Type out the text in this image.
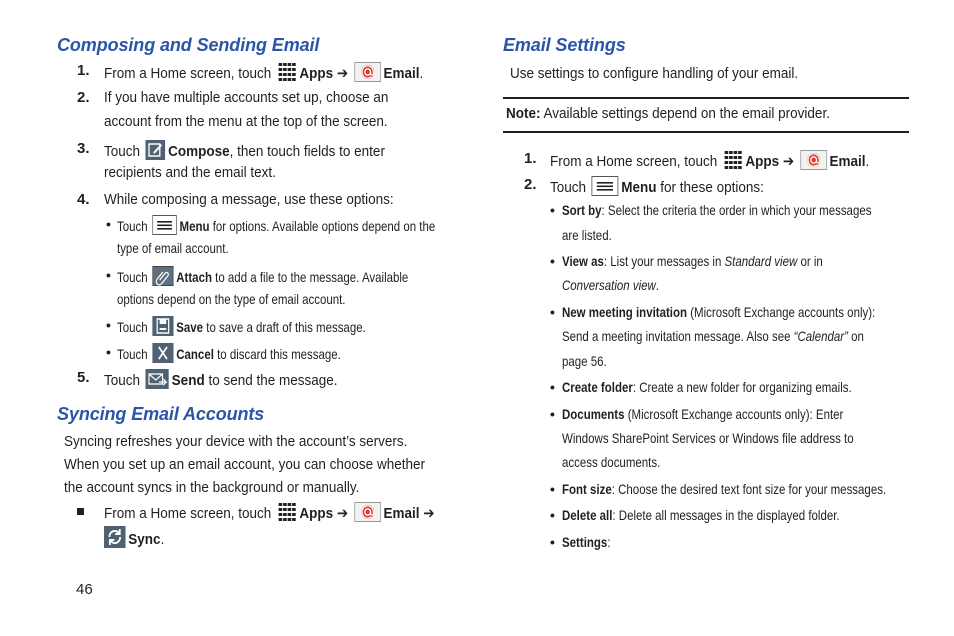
Composing and Sending Email
1. From a Home screen, touch Apps ➔ Email.
2. If you have multiple accounts set up, choose an
account from the menu at the top of the screen.
3. Touch Compose, then touch fields to enter
recipients and the email text.
4. While composing a message, use these options:
• Touch Menu for options. Available options depend on the
type of email account.
• Touch Attach to add a file to the message. Available
options depend on the type of email account.
• Touch Save to save a draft of this message.
• Touch Cancel to discard this message.
5. Touch Send to send the message.
Syncing Email Accounts
Syncing refreshes your device with the account’s servers.
When you set up an email account, you can choose whether
the account syncs in the background or manually.
From a Home screen, touch Apps ➔ Email ➔
Sync.
46
Email Settings
Use settings to configure handling of your email.
Note: Available settings depend on the email provider.
1. From a Home screen, touch Apps ➔ Email.
2. Touch Menu for these options:
• Sort by: Select the criteria the order in which your messages
are listed.
• View as: List your messages in Standard view or in
Conversation view.
• New meeting invitation (Microsoft Exchange accounts only):
Send a meeting invitation message. Also see “Calendar” on
page 56.
• Create folder: Create a new folder for organizing emails.
• Documents (Microsoft Exchange accounts only): Enter
Windows SharePoint Services or Windows file address to
access documents.
• Font size: Choose the desired text font size for your messages.
• Delete all: Delete all messages in the displayed folder.
• Settings:
